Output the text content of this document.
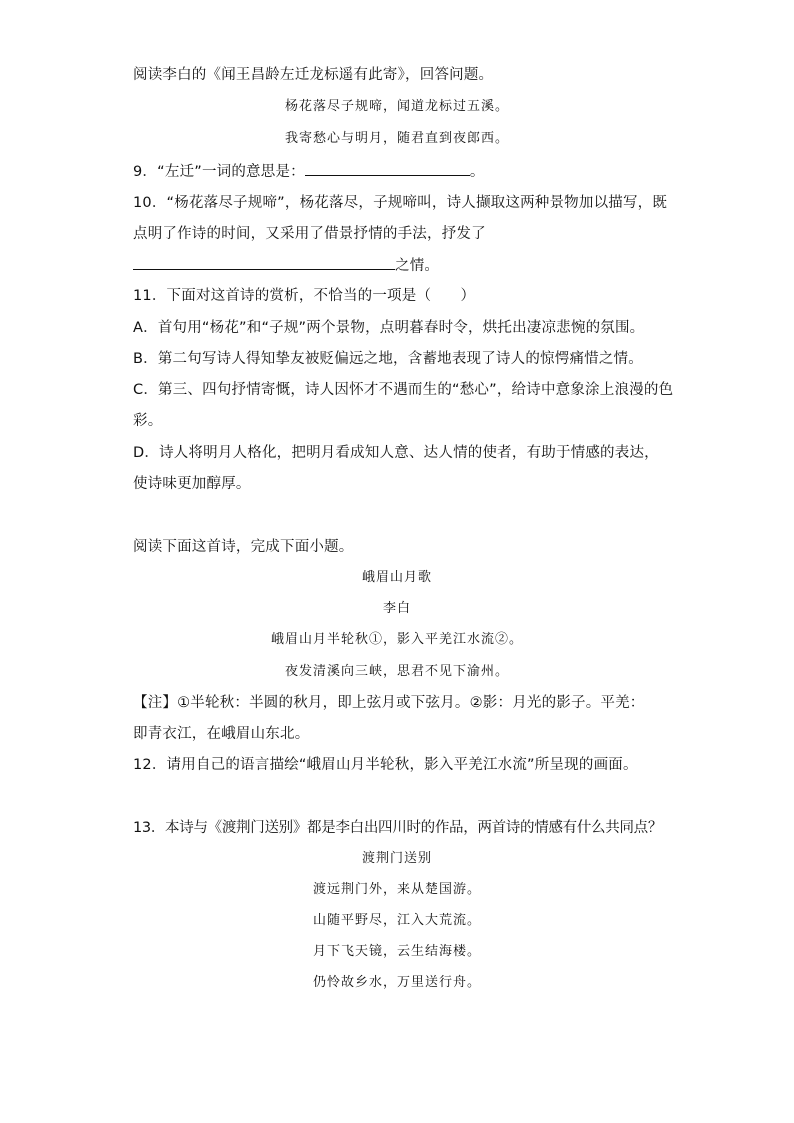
阅读李白的《闻王昌龄左迁龙标遥有此寄》，回答问题。
杨花落尽子规啼，闻道龙标过五溪。
我寄愁心与明月，随君直到夜郎西。
9．“左迁”一词的意思是：	。
10．“杨花落尽子规啼”，杨花落尽，子规啼叫，诗人撷取这两种景物加以描写，既
点明了作诗的时间，又采用了借景抒情的手法，抒发了
之情。
11．下面对这首诗的赏析，不恰当的一项是（　　）
A．首句用“杨花”和“子规”两个景物，点明暮春时令，烘托出凄凉悲惋的氛围。
B．第二句写诗人得知挚友被贬偏远之地，含蓄地表现了诗人的惊愕痛惜之情。
C．第三、四句抒情寄慨，诗人因怀才不遇而生的“愁心”，给诗中意象涂上浪漫的色
彩。
D．诗人将明月人格化，把明月看成知人意、达人情的使者，有助于情感的表达，
使诗味更加醇厚。
阅读下面这首诗，完成下面小题。
峨眉山月歌
李白
峨眉山月半轮秋①，影入平羌江水流②。
夜发清溪向三峡，思君不见下渝州。
【注】①半轮秋：半圆的秋月，即上弦月或下弦月。②影：月光的影子。平羌：
即青衣江，在峨眉山东北。
12．请用自己的语言描绘“峨眉山月半轮秋，影入平羌江水流”所呈现的画面。
13．本诗与《渡荆门送别》都是李白出四川时的作品，两首诗的情感有什么共同点？
渡荆门送别
渡远荆门外，来从楚国游。
山随平野尽，江入大荒流。
月下飞天镜，云生结海楼。
仍怜故乡水，万里送行舟。
